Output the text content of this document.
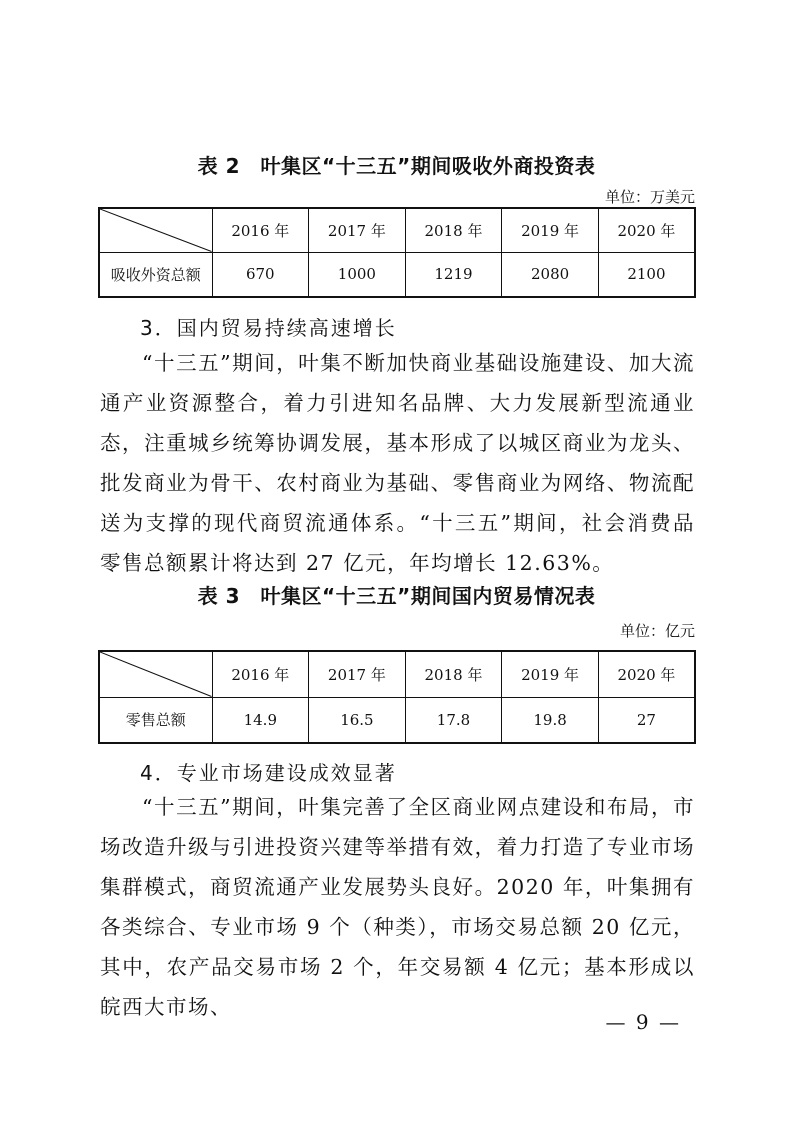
表 2　叶集区“十三五”期间吸收外商投资表
单位：万美元
	2016 年	2017 年	2018 年	2019 年	2020 年
吸收外资总额	670	1000	1219	2080	2100
3．国内贸易持续高速增长

“十三五”期间，叶集不断加快商业基础设施建设、加大流通产业资源整合，着力引进知名品牌、大力发展新型流通业态，注重城乡统筹协调发展，基本形成了以城区商业为龙头、批发商业为骨干、农村商业为基础、零售商业为网络、物流配送为支撑的现代商贸流通体系。“十三五”期间，社会消费品零售总额累计将达到 27 亿元，年均增长 12.63%。

表 3　叶集区“十三五”期间国内贸易情况表
单位：亿元
	2016 年	2017 年	2018 年	2019 年	2020 年
零售总额	14.9	16.5	17.8	19.8	27
4．专业市场建设成效显著

“十三五”期间，叶集完善了全区商业网点建设和布局，市场改造升级与引进投资兴建等举措有效，着力打造了专业市场集群模式，商贸流通产业发展势头良好。2020 年，叶集拥有各类综合、专业市场 9 个（种类），市场交易总额 20 亿元，其中，农产品交易市场 2 个，年交易额 4 亿元；基本形成以皖西大市场、

— 9 —
